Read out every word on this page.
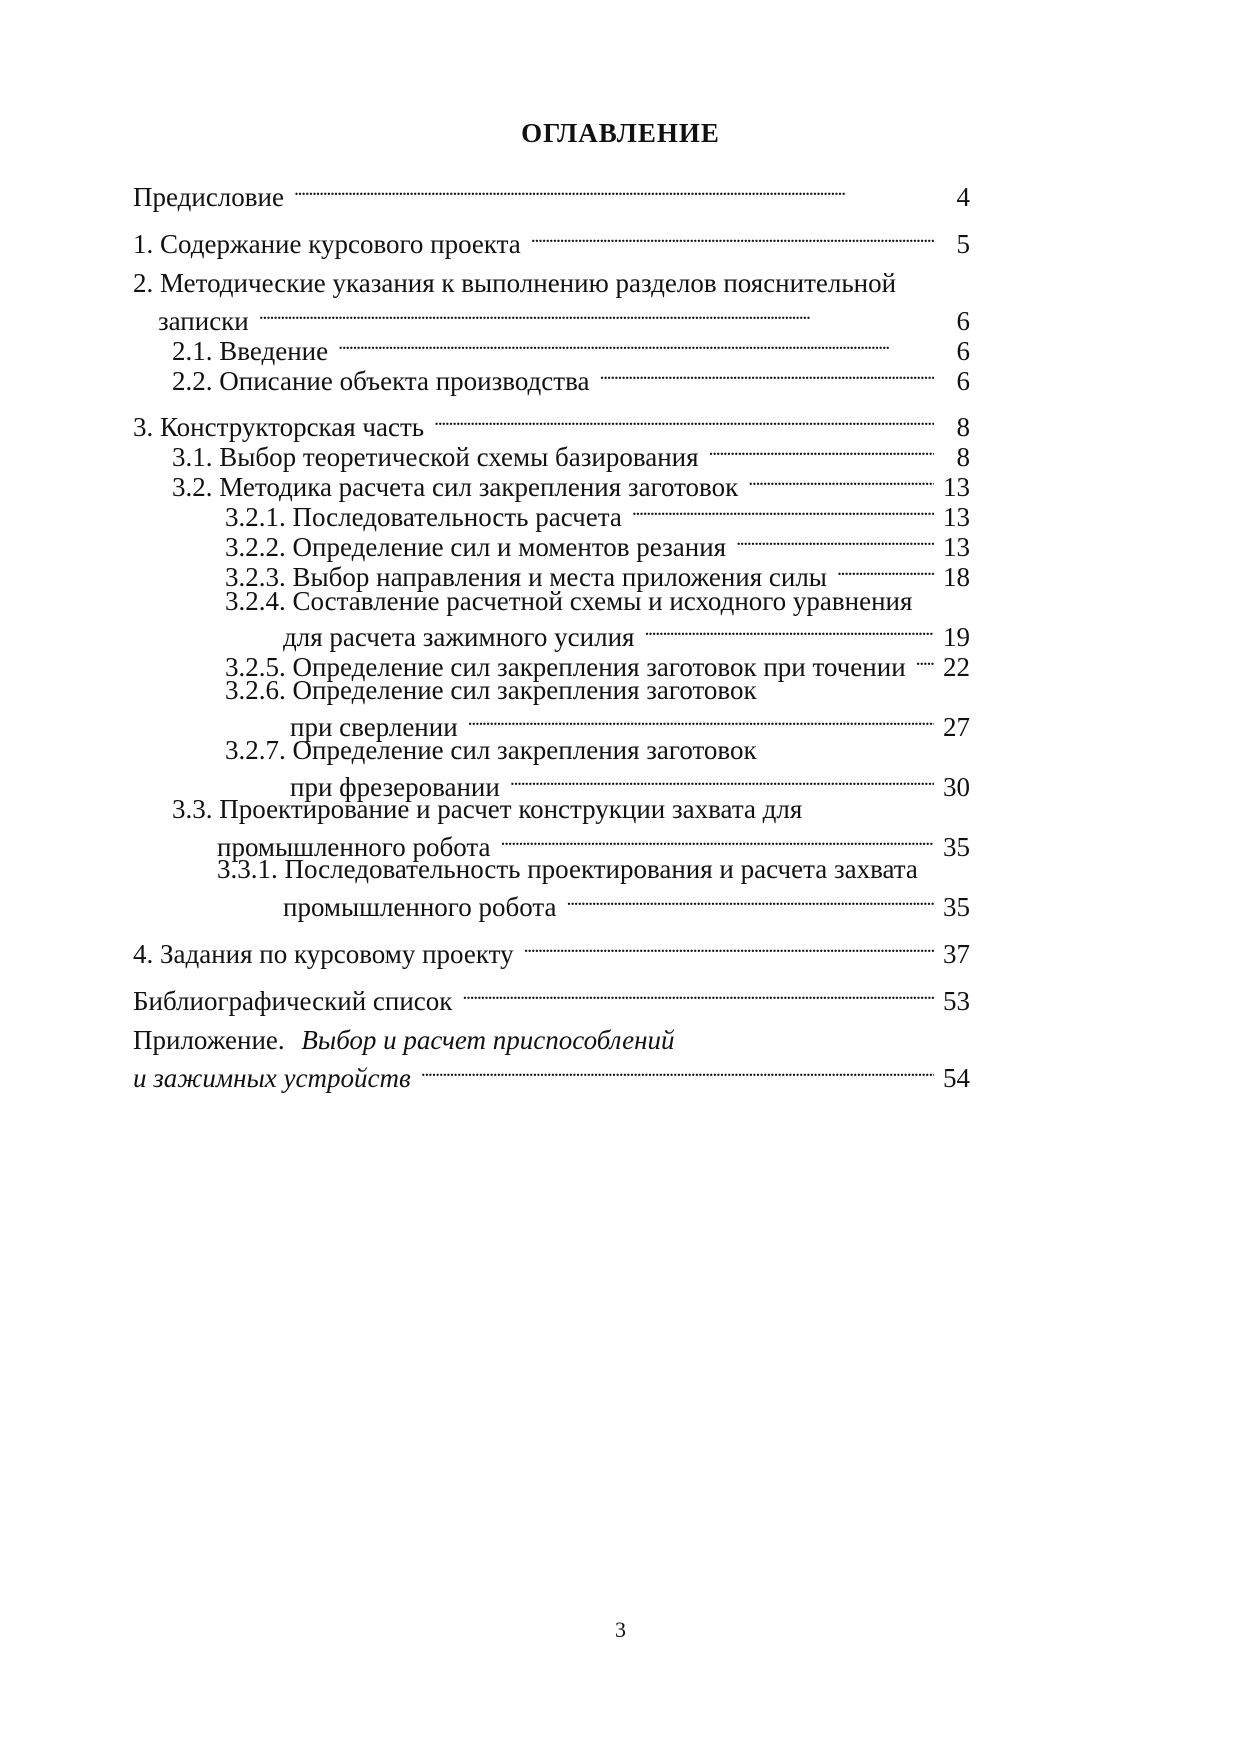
ОГЛАВЛЕНИЕ
Предисловие . . .	4
1. Содержание курсового проекта . . .	5
2. Методические указания к выполнению разделов пояснительной
записки . . .	6
2.1. Введение . . .	6
2.2. Описание объекта производства . . .	6
3. Конструкторская часть . . .	8
3.1. Выбор теоретической схемы базирования . . .	8
3.2. Методика расчета сил закрепления заготовок . . .	13
3.2.1. Последовательность расчета . . .	13
3.2.2. Определение сил и моментов резания . . .	13
3.2.3. Выбор направления и места приложения силы . . .	18
3.2.4. Составление расчетной схемы и исходного уравнения
для расчета зажимного усилия . . .	19
3.2.5. Определение сил закрепления заготовок при точении . . . 22
3.2.6. Определение сил закрепления заготовок
при сверлении . . .	27
3.2.7. Определение сил закрепления заготовок
при фрезеровании . . .	30
3.3. Проектирование и расчет конструкции захвата для
промышленного робота . . .	35
3.3.1. Последовательность проектирования и расчета захвата
промышленного робота . . .	35
4. Задания по курсовому проекту . . .	37
Библиографический список . . .	53
Приложение. Выбор и расчет приспособлений
и зажимных устройств . . .	54
3
